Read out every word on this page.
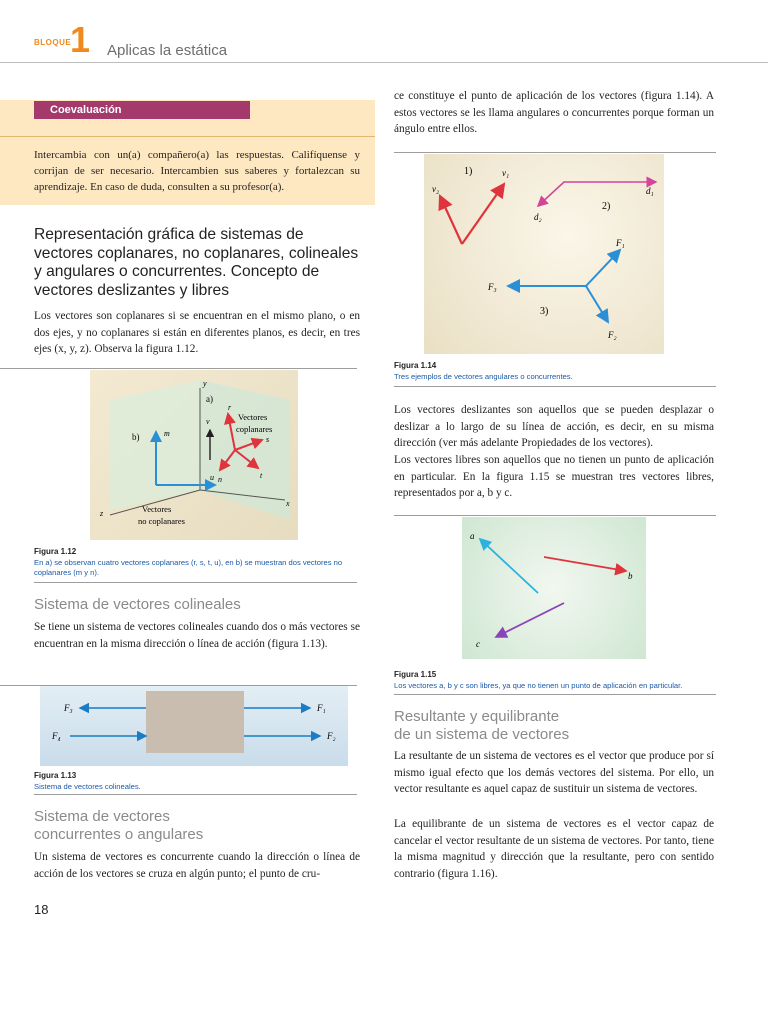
BLOQUE
1 Aplicas la estática
Coevaluación
Intercambia con un(a) compañero(a) las respuestas. Califíquense y corrijan de ser necesario. Intercambien sus saberes y fortalezcan su aprendizaje. En caso de duda, consulten a su profesor(a).
Representación gráfica de sistemas de vectores coplanares, no coplanares, colineales y angulares o concurrentes. Concepto de vectores deslizantes y libres
Los vectores son coplanares si se encuentran en el mismo plano, o en dos ejes, y no coplanares si están en diferentes planos, es decir, en tres ejes (x, y, z). Observa la figura 1.12.
y
x
z
a)
b)
Vectores
coplanares
Vectores
no coplanares
r
v
s
t
u
m
n
Figura 1.12
En a) se observan cuatro vectores coplanares (r, s, t, u), en b) se muestran dos vectores no coplanares (m y n).
Sistema de vectores colineales
Se tiene un sistema de vectores colineales cuando dos o más vectores se encuentran en la misma dirección o línea de acción (figura 1.13).
F₃	F₁
F₄	F₂
Figura 1.13
Sistema de vectores colineales.
Sistema de vectores
concurrentes o angulares
Un sistema de vectores es concurrente cuando la dirección o línea de acción de los vectores se cruza en algún punto; el punto de cru-
18
ce constituye el punto de aplicación de los vectores (figura 1.14). A estos vectores se les llama angulares o concurrentes porque forman un ángulo entre ellos.
1)
2)
3)
v₁
v₂	d₁
d₂
F₁
F₃
F₂
Figura 1.14
Tres ejemplos de vectores angulares o concurrentes.
Los vectores deslizantes son aquellos que se pueden desplazar o deslizar a lo largo de su línea de acción, es decir, en su misma dirección (ver más adelante Propiedades de los vectores).
Los vectores libres son aquellos que no tienen un punto de aplicación en particular. En la figura 1.15 se muestran tres vectores libres, representados por a, b y c.
a
b
c
Figura 1.15
Los vectores a, b y c son libres, ya que no tienen un punto de aplicación en particular.
Resultante y equilibrante
de un sistema de vectores
La resultante de un sistema de vectores es el vector que produce por sí mismo igual efecto que los demás vectores del sistema. Por ello, un vector resultante es aquel capaz de sustituir un sistema de vectores.
La equilibrante de un sistema de vectores es el vector capaz de cancelar el vector resultante de un sistema de vectores. Por tanto, tiene la misma magnitud y dirección que la resultante, pero con sentido contrario (figura 1.16).
